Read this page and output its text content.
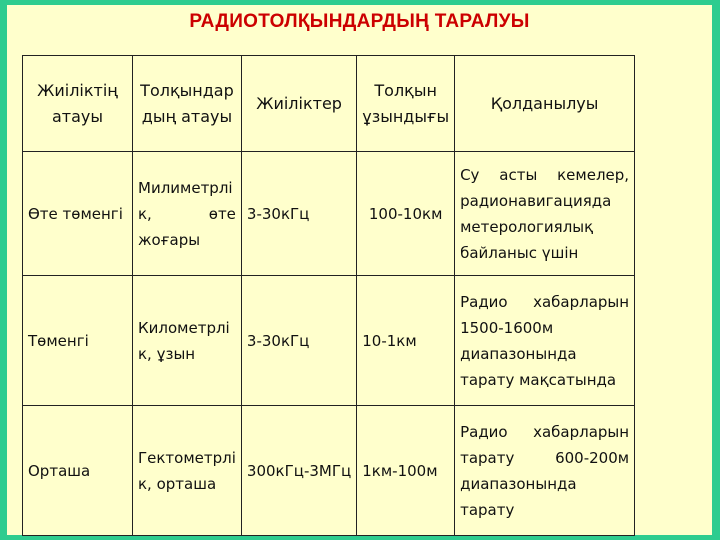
РАДИОТОЛҚЫНДАРДЫҢ ТАРАЛУЫ
Жиіліктің атауы	Толқындар дың атауы	Жиіліктер	Толқын ұзындығы	Қолданылуы
Өте төменгі	Милиметрлі к, өте жоғары	3-30кГц	100-10км	Су асты кемелер, радионавигацияда метерологиялық байланыс үшін
Төменгі	Километрлі к, ұзын	3-30кГц	10-1км	Радио хабарларын 1500-1600м диапазонында тарату мақсатында
Орташа	Гектометрлі к, орташа	300кГц-3МГц	1км-100м	Радио хабарларын тарату 600-200м диапазонында тарату
